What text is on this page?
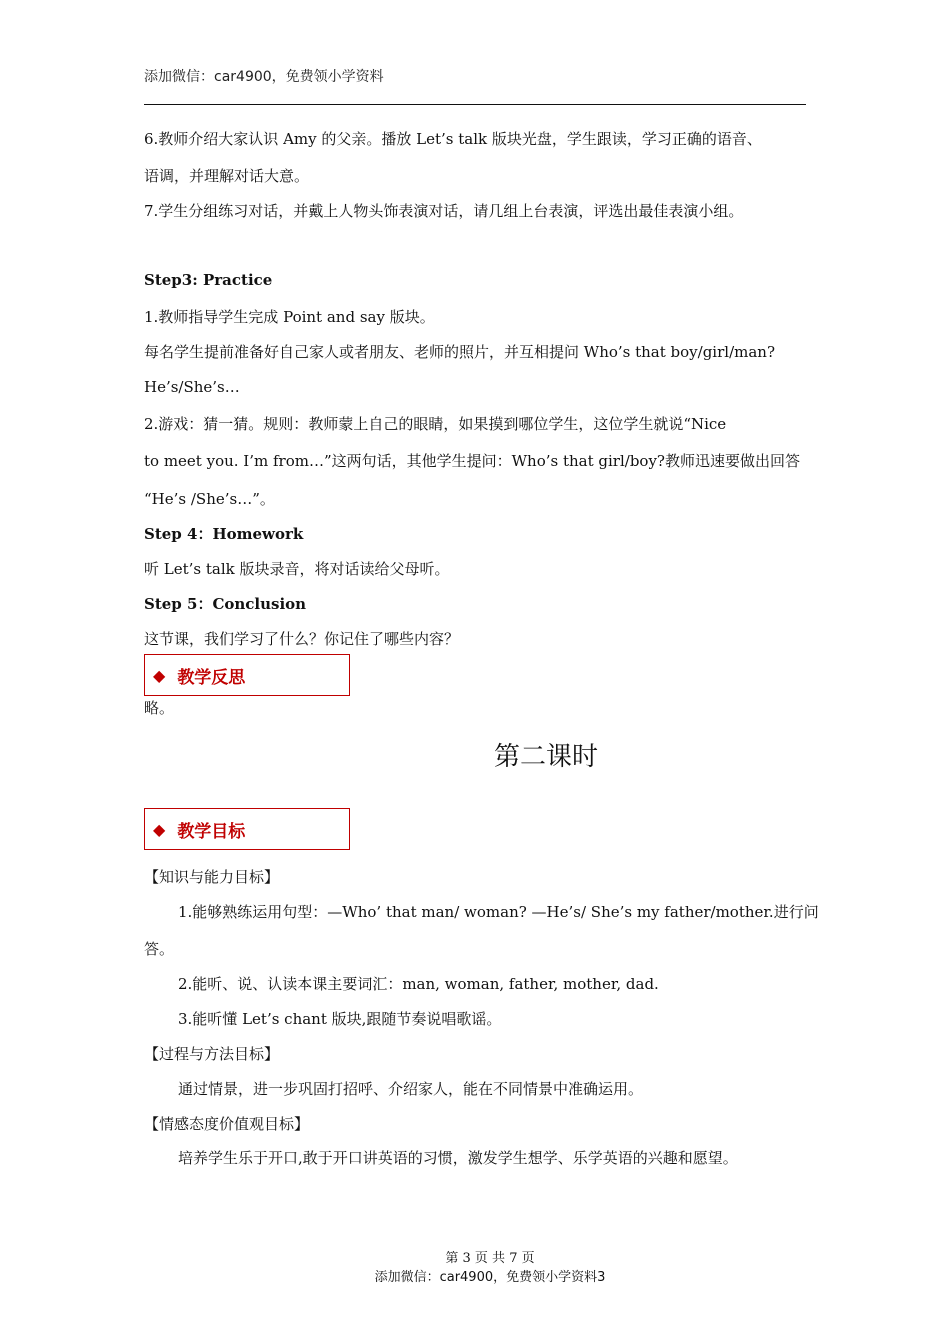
添加微信：car4900，免费领小学资料
6.教师介绍大家认识 Amy 的父亲。播放 Let’s talk 版块光盘，学生跟读，学习正确的语音、
语调，并理解对话大意。
7.学生分组练习对话，并戴上人物头饰表演对话，请几组上台表演，评选出最佳表演小组。
Step3: Practice
1.教师指导学生完成 Point and say 版块。
每名学生提前准备好自己家人或者朋友、老师的照片，并互相提问 Who’s that boy/girl/man?
He’s/She’s…
2.游戏：猜一猜。规则：教师蒙上自己的眼睛，如果摸到哪位学生，这位学生就说“Nice
to meet you. I’m from…”这两句话，其他学生提问：Who’s that girl/boy?教师迅速要做出回答
“He’s /She’s…”。
Step 4：Homework
听 Let’s talk 版块录音，将对话读给父母听。
Step 5：Conclusion
这节课，我们学习了什么？你记住了哪些内容？
◆ 教学反思
略。
第二课时
◆ 教学目标
【知识与能力目标】
1.能够熟练运用句型：—Who’ that man/ woman? —He’s/ She’s my father/mother.进行问
答。
2.能听、说、认读本课主要词汇：man, woman, father, mother, dad.
3.能听懂 Let’s chant 版块,跟随节奏说唱歌谣。
【过程与方法目标】
通过情景，进一步巩固打招呼、介绍家人，能在不同情景中准确运用。
【情感态度价值观目标】
培养学生乐于开口,敢于开口讲英语的习惯，激发学生想学、乐学英语的兴趣和愿望。
第 3 页 共 7 页
添加微信：car4900，免费领小学资料3
